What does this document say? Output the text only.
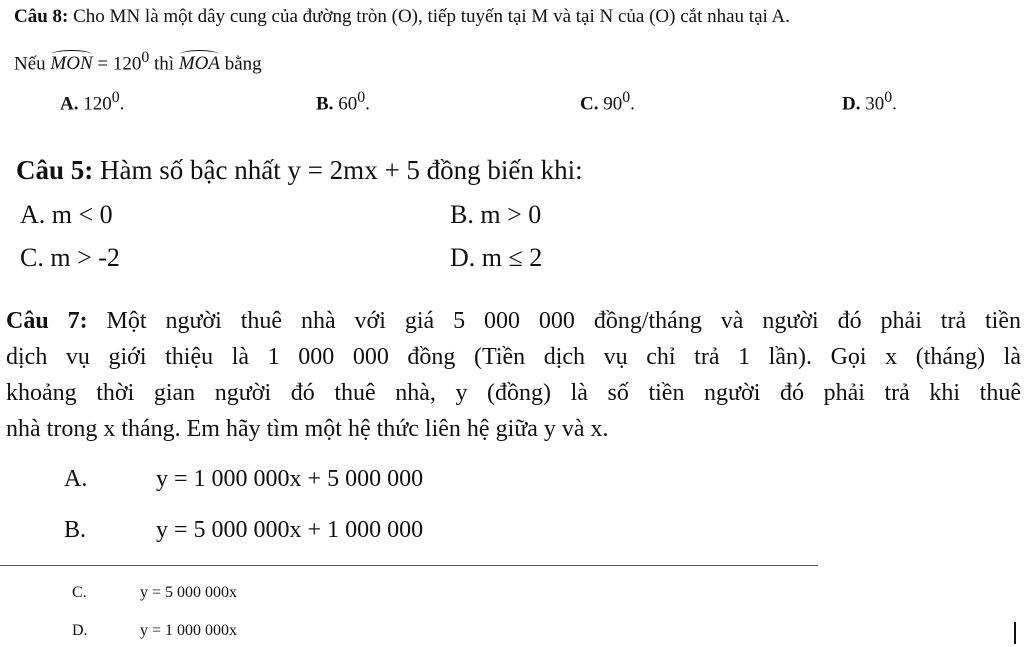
Câu 8: Cho MN là một dây cung của đường tròn (O), tiếp tuyến tại M và tại N của (O) cắt nhau tại A.
Nếu MON = $120^0$ thì MOA bằng
A. $120^0$.	B. $60^0$.	C. $90^0$.	D. $30^0$.
Câu 5: Hàm số bậc nhất y = 2mx + 5 đồng biến khi:
A. m < 0	B. m > 0
C. m > -2	D. m ≤ 2
Câu 7: Một người thuê nhà với giá 5 000 000 đồng/tháng và người đó phải trả tiền
dịch vụ giới thiệu là 1 000 000 đồng (Tiền dịch vụ chỉ trả 1 lần). Gọi x (tháng) là
khoảng thời gian người đó thuê nhà, y (đồng) là số tiền người đó phải trả khi thuê
nhà trong x tháng. Em hãy tìm một hệ thức liên hệ giữa y và x.
A.	y = 1 000 000x + 5 000 000
B.	y = 5 000 000x + 1 000 000
C.	y = 5 000 000x
D.	y = 1 000 000x
